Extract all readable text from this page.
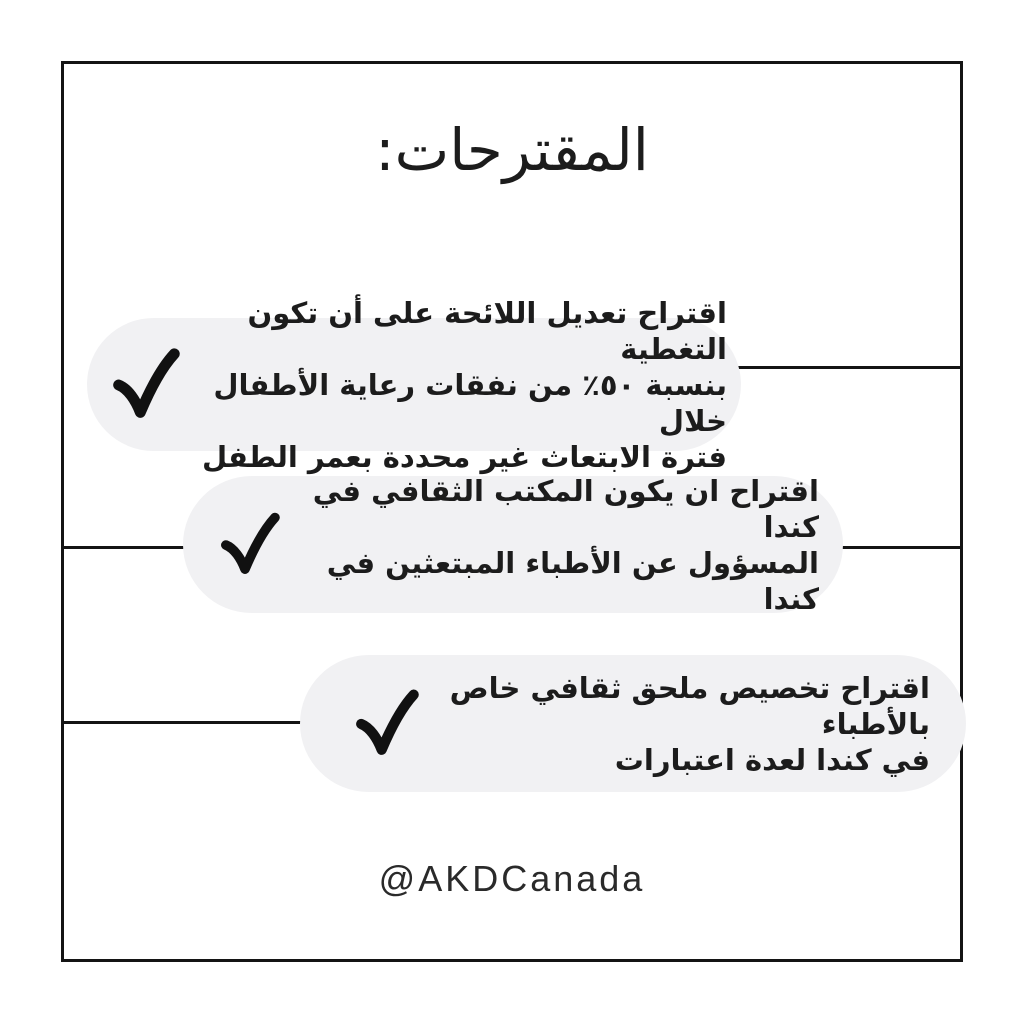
المقترحات:
اقتراح تعديل اللائحة على أن تكون التغطية
بنسبة ٥٠٪ من نفقات رعاية الأطفال خلال
فترة الابتعاث غير محددة بعمر الطفل
اقتراح ان يكون المكتب الثقافي في كندا
المسؤول عن الأطباء المبتعثين في كندا
اقتراح تخصيص ملحق ثقافي خاص بالأطباء
في كندا لعدة اعتبارات
@AKDCanada
